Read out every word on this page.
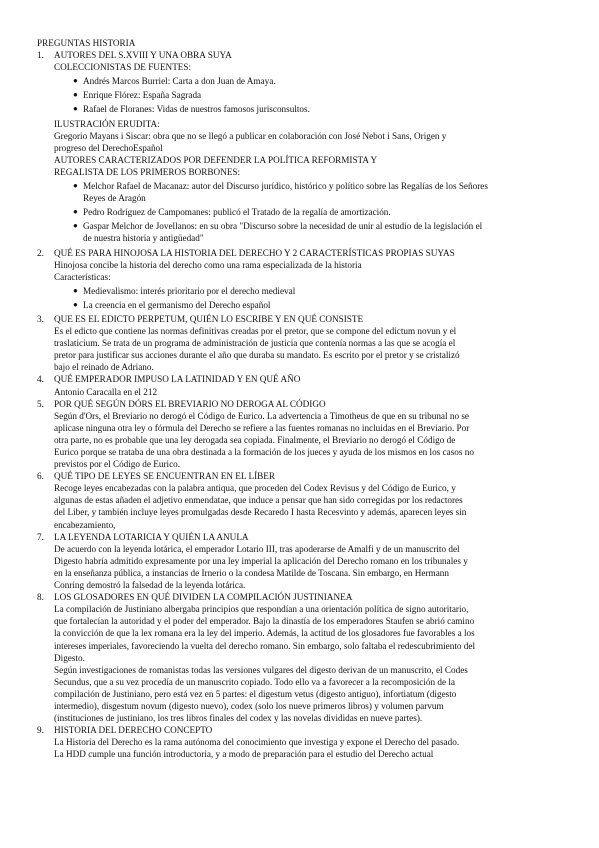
PREGUNTAS HISTORIA
1.	AUTORES DEL S.XVIII Y UNA OBRA SUYA
COLECCIONISTAS DE FUENTES:
● Andrés Marcos Burriel: Carta a don Juan de Amaya.
● Enrique Flórez: España Sagrada
● Rafael de Floranes: Vidas de nuestros famosos jurisconsultos.
ILUSTRACIÓN ERUDITA:
Gregorio Mayans i Siscar: obra que no se llegó a publicar en colaboración con José Nebot i Sans, Origen y
progreso del DerechoEspañol
AUTORES CARACTERIZADOS POR DEFENDER LA POLÍTICA REFORMISTA Y
REGALISTA DE LOS PRIMEROS BORBONES:
● Melchor Rafael de Macanaz: autor del Discurso jurídico, histórico y político sobre las Regalías de los Señores
Reyes de Aragón
● Pedro Rodríguez de Campomanes: publicó el Tratado de la regalía de amortización.
● Gaspar Melchor de Jovellanos: en su obra "Discurso sobre la necesidad de unir al estudio de la legislación el
de nuestra historia y antigüedad"
2.	QUÉ ES PARA HINOJOSA LA HISTORIA DEL DERECHO Y 2 CARACTERÍSTICAS PROPIAS SUYAS
Hinojosa concibe la historia del derecho como una rama especializada de la historia
Características:
● Medievalismo: interés prioritario por el derecho medieval
● La creencia en el germanismo del Derecho español
3.	QUE ES EL EDICTO PERPETUM, QUIÉN LO ESCRIBE Y EN QUÉ CONSISTE
Es el edicto que contiene las normas definitivas creadas por el pretor, que se compone del edictum novun y el
traslaticium. Se trata de un programa de administración de justicia que contenía normas a las que se acogía el
pretor para justificar sus acciones durante el año que duraba su mandato. Es escrito por el pretor y se cristalizó
bajo el reinado de Adriano.
4.	QUÉ EMPERADOR IMPUSO LA LATINIDAD Y EN QUÉ AÑO
Antonio Caracalla en el 212
5.	POR QUÉ SEGÚN DÓRS EL BREVIARIO NO DEROGA AL CÓDIGO
Según d'Ors, el Breviario no derogó el Código de Eurico. La advertencia a Timotheus de que en su tribunal no se
aplicase ninguna otra ley o fórmula del Derecho se refiere a las fuentes romanas no incluidas en el Breviario. Por
otra parte, no es probable que una ley derogada sea copiada. Finalmente, el Breviario no derogó el Código de
Eurico porque se trataba de una obra destinada a la formación de los jueces y ayuda de los mismos en los casos no
previstos por el Código de Eurico.
6.	QUÉ TIPO DE LEYES SE ENCUENTRAN EN EL LÍBER
Recoge leyes encabezadas con la palabra antiqua, que proceden del Codex Revisus y del Código de Eurico, y
algunas de estas añaden el adjetivo enmendatae, que induce a pensar que han sido corregidas por los redactores
del Liber, y también incluye leyes promulgadas desde Recaredo I hasta Recesvinto y además, aparecen leyes sin
encabezamiento,
7.	LA LEYENDA LOTARICIA Y QUIÉN LA ANULA
De acuerdo con la leyenda lotárica, el emperador Lotario III, tras apoderarse de Amalfi y de un manuscrito del
Digesto habría admitido expresamente por una ley imperial la aplicación del Derecho romano en los tribunales y
en la enseñanza pública, a instancias de Irnerio o la condesa Matilde de Toscana. Sin embargo, en Hermann
Conring demostró la falsedad de la leyenda lotárica.
8.	LOS GLOSADORES EN QUÉ DIVIDEN LA COMPILACIÓN JUSTINIANEA
La compilación de Justiniano albergaba principios que respondían a una orientación política de signo autoritario,
que fortalecían la autoridad y el poder del emperador. Bajo la dinastía de los emperadores Staufen se abrió camino
la convicción de que la lex romana era la ley del imperio. Además, la actitud de los glosadores fue favorables a los
intereses imperiales, favoreciendo la vuelta del derecho romano. Sin embargo, solo faltaba el redescubrimiento del
Digesto.
Según investigaciones de romanistas todas las versiones vulgares del digesto derivan de un manuscrito, el Codes
Secundus, que a su vez procedía de un manuscrito copiado. Todo ello va a favorecer a la recomposición de la
compilación de Justiniano, pero está vez en 5 partes: el digestum vetus (digesto antiguo), infortiatum (digesto
intermedio), disgestum novum (digesto nuevo), codex (solo los nueve primeros libros) y volumen parvum
(instituciones de justiniano, los tres libros finales del codex y las novelas divididas en nueve partes).
9.	HISTORIA DEL DERECHO CONCEPTO
La Historia del Derecho es la rama autónoma del conocimiento que investiga y expone el Derecho del pasado.
La HDD cumple una función introductoria, y a modo de preparación para el estudio del Derecho actual
